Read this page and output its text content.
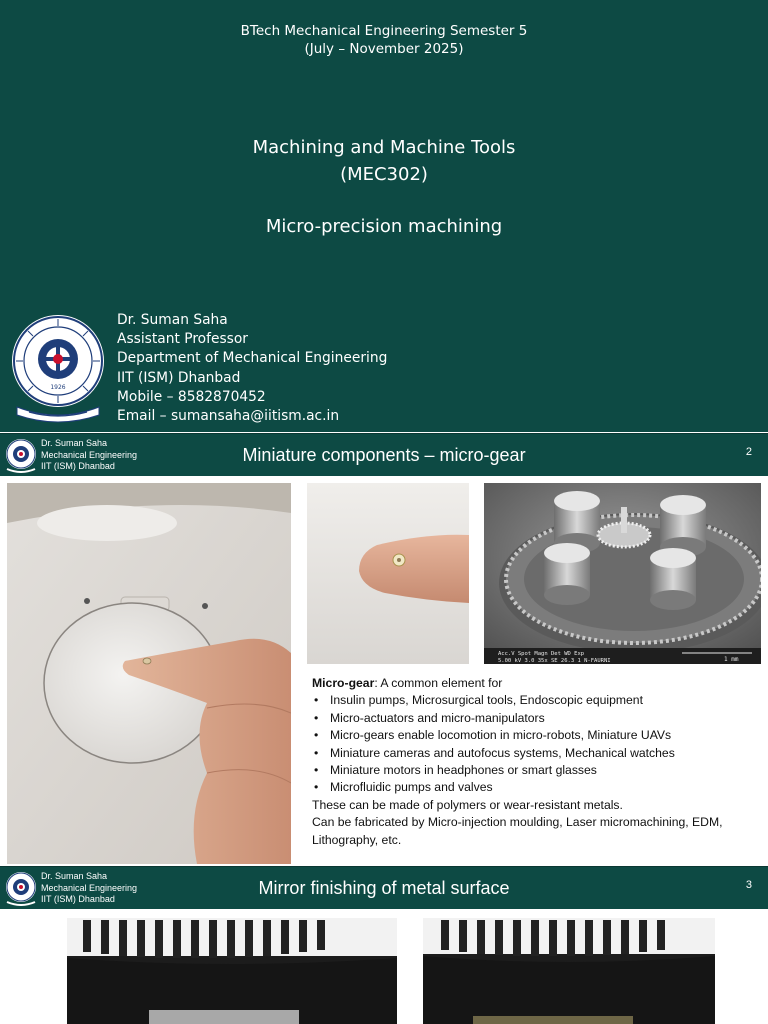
BTech Mechanical Engineering Semester 5
(July – November 2025)
Machining and Machine Tools
(MEC302)
Micro-precision machining
1926
Dr. Suman Saha
Assistant Professor
Department of Mechanical Engineering
IIT (ISM) Dhanbad
Mobile – 8582870452
Email – sumansaha@iitism.ac.in
Dr. Suman Saha
Mechanical Engineering
IIT (ISM) Dhanbad
Miniature components – micro-gear	2
Acc.V Spot Magn Det WD Exp
5.00 kV 3.0 35x SE 26.3 1 N-FAURNI	1 mm
Micro-gear: A common element for
• Insulin pumps, Microsurgical tools, Endoscopic equipment
• Micro-actuators and micro-manipulators
• Micro-gears enable locomotion in micro-robots, Miniature UAVs
• Miniature cameras and autofocus systems, Mechanical watches
• Miniature motors in headphones or smart glasses
• Microfluidic pumps and valves
These can be made of polymers or wear-resistant metals.
Can be fabricated by Micro-injection moulding, Laser micromachining, EDM, Lithography, etc.
Dr. Suman Saha
Mechanical Engineering
IIT (ISM) Dhanbad
Mirror finishing of metal surface	3
